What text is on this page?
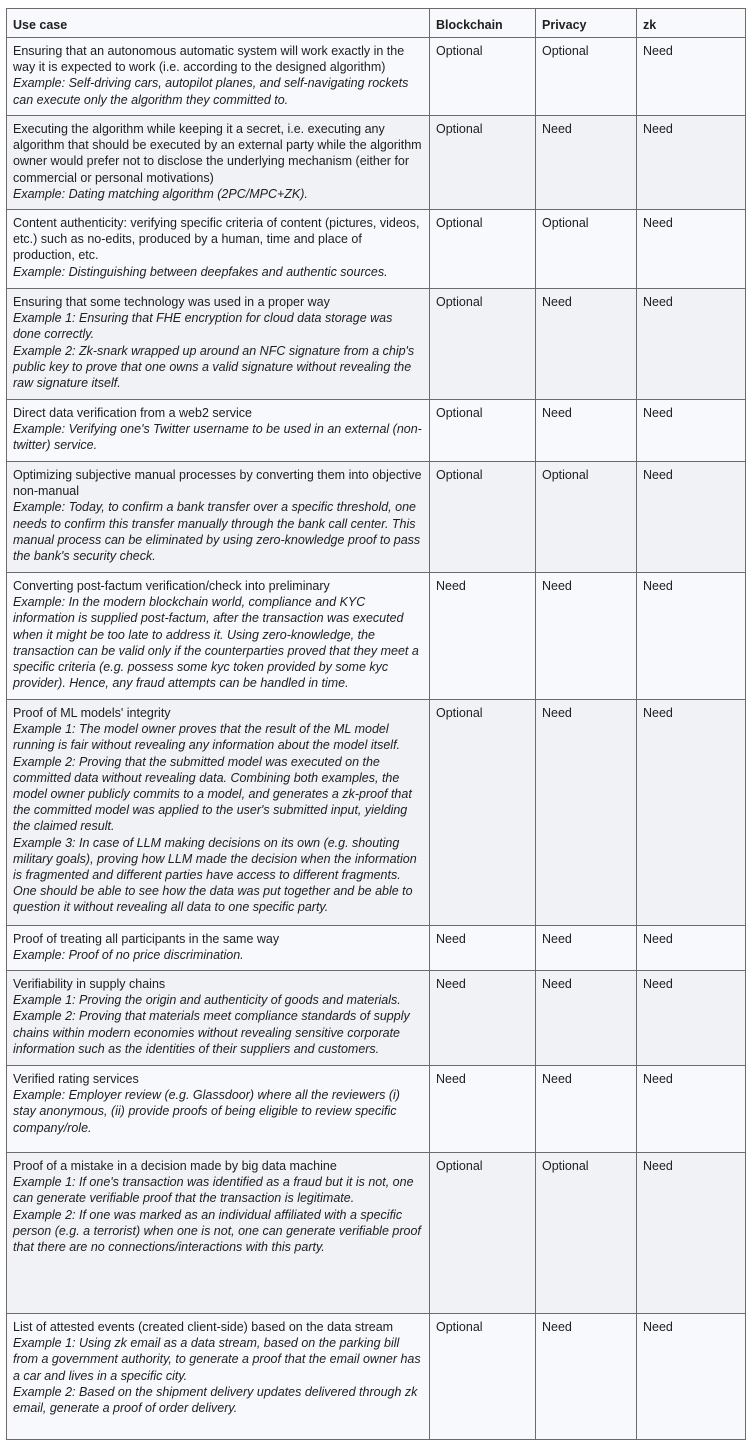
Use case	Blockchain	Privacy	zk

Ensuring that an autonomous automatic system will work exactly in the way it is expected to work (i.e. according to the designed algorithm)
Example: Self-driving cars, autopilot planes, and self-navigating rockets can execute only the algorithm they committed to.	Optional	Optional	Need

Executing the algorithm while keeping it a secret, i.e. executing any algorithm that should be executed by an external party while the algorithm owner would prefer not to disclose the underlying mechanism (either for commercial or personal motivations)
Example: Dating matching algorithm (2PC/MPC+ZK).	Optional	Need	Need

Content authenticity: verifying specific criteria of content (pictures, videos, etc.) such as no-edits, produced by a human, time and place of production, etc.
Example: Distinguishing between deepfakes and authentic sources.	Optional	Optional	Need

Ensuring that some technology was used in a proper way
Example 1: Ensuring that FHE encryption for cloud data storage was done correctly.
Example 2: Zk-snark wrapped up around an NFC signature from a chip's public key to prove that one owns a valid signature without revealing the raw signature itself.	Optional	Need	Need

Direct data verification from a web2 service
Example: Verifying one's Twitter username to be used in an external (non-twitter) service.	Optional	Need	Need

Optimizing subjective manual processes by converting them into objective non-manual
Example: Today, to confirm a bank transfer over a specific threshold, one needs to confirm this transfer manually through the bank call center. This manual process can be eliminated by using zero-knowledge proof to pass the bank's security check.	Optional	Optional	Need

Converting post-factum verification/check into preliminary
Example: In the modern blockchain world, compliance and KYC information is supplied post-factum, after the transaction was executed when it might be too late to address it. Using zero-knowledge, the transaction can be valid only if the counterparties proved that they meet a specific criteria (e.g. possess some kyc token provided by some kyc provider). Hence, any fraud attempts can be handled in time.	Need	Need	Need

Proof of ML models' integrity
Example 1: The model owner proves that the result of the ML model running is fair without revealing any information about the model itself.
Example 2: Proving that the submitted model was executed on the committed data without revealing data. Combining both examples, the model owner publicly commits to a model, and generates a zk-proof that the committed model was applied to the user's submitted input, yielding the claimed result.
Example 3: In case of LLM making decisions on its own (e.g. shouting military goals), proving how LLM made the decision when the information is fragmented and different parties have access to different fragments. One should be able to see how the data was put together and be able to question it without revealing all data to one specific party.	Optional	Need	Need

Proof of treating all participants in the same way
Example: Proof of no price discrimination.	Need	Need	Need

Verifiability in supply chains
Example 1: Proving the origin and authenticity of goods and materials.
Example 2: Proving that materials meet compliance standards of supply chains within modern economies without revealing sensitive corporate information such as the identities of their suppliers and customers.	Need	Need	Need

Verified rating services
Example: Employer review (e.g. Glassdoor) where all the reviewers (i) stay anonymous, (ii) provide proofs of being eligible to review specific company/role.	Need	Need	Need

Proof of a mistake in a decision made by big data machine
Example 1: If one's transaction was identified as a fraud but it is not, one can generate verifiable proof that the transaction is legitimate.
Example 2: If one was marked as an individual affiliated with a specific person (e.g. a terrorist) when one is not, one can generate verifiable proof that there are no connections/interactions with this party.	Optional	Optional	Need

List of attested events (created client-side) based on the data stream
Example 1: Using zk email as a data stream, based on the parking bill from a government authority, to generate a proof that the email owner has a car and lives in a specific city.
Example 2: Based on the shipment delivery updates delivered through zk email, generate a proof of order delivery.	Optional	Need	Need
